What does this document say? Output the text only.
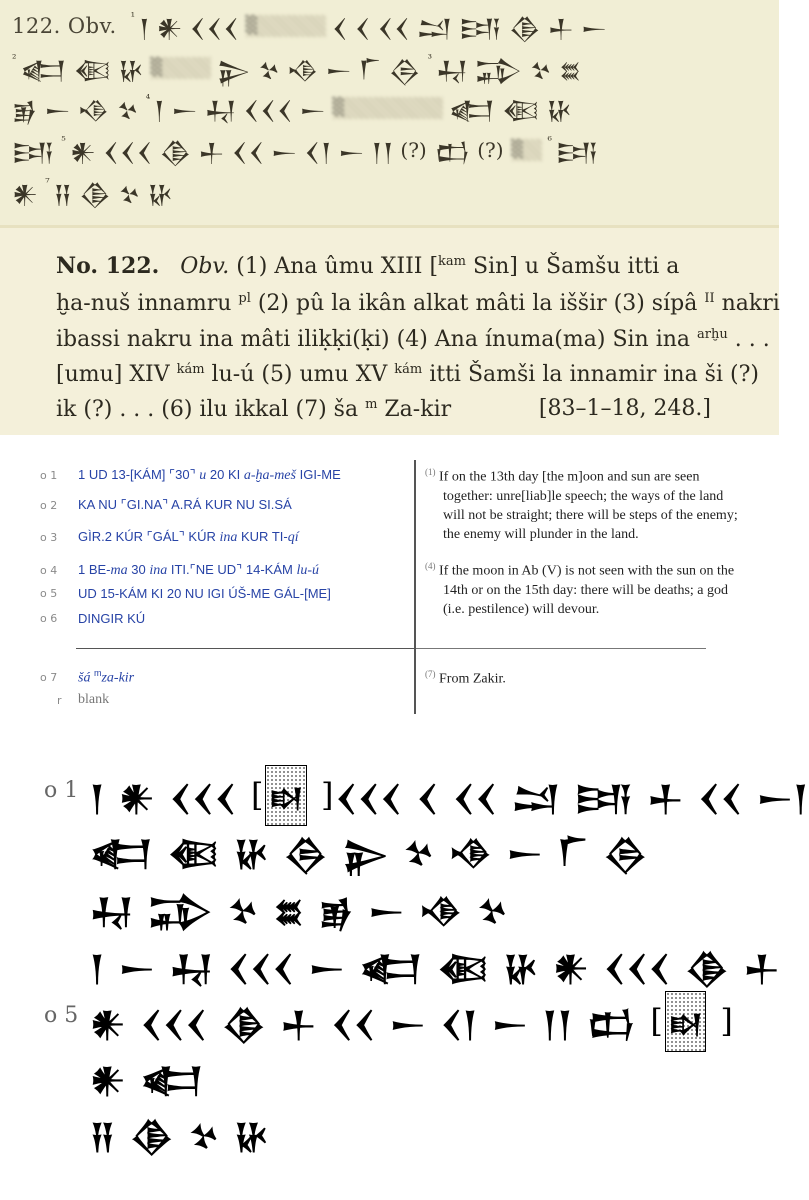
122. Obv. ¹ 𒁹 𒀭 𒌋𒌋𒌋 ░	𒌋 𒌋 𒌋𒌋 𒁺 𒅀 𒆠 𒈦 𒀸
² 𒅗 𒈿 𒄩 ░	𒉌 𒆳 𒈾 𒀸 𒇲 𒁲 ³ 𒄷 𒁉 𒆳 𒊺
𒂊 𒀸 𒈾 𒆳 ⁴ 𒁹 𒀸 𒄷 𒌋𒌋𒌋 𒀸 ░	𒅗 𒈿 𒄩
𒅀 ⁵ 𒀭 𒌋𒌋𒌋 𒆠 𒈦 𒌋𒌋 𒀸 𒌋𒁹 𒀸 𒁹𒁹 (?) 𒆗 (?) ░	⁶ 𒅀
𒀭 ⁷ 𒍝 𒆠 𒆳 𒄩
No. 122. Obv. (1) Ana ûmu XIII [$^{kam}$ Sin] u Šamšu itti a
ḫa-nuš innamru $^{pl}$ (2) pû la ikân alkat mâti la iššir (3) sípâ $^{II}$ nakri
ibassi nakru ina mâti iliḳḳi(ḳi) (4) Ana ínuma(ma) Sin ina $^{arḫu}$ . . .
[umu] XIV $^{kám}$ lu-ú (5) umu XV $^{kám}$ itti Šamši la innamir ina ši (?)
ik (?) . . . (6) ilu ikkal (7) ša $^m$ Za-kir	[83–1–18, 248.]
o 1	1 UD 13-[KÁM] ⌜30⌝ u 20 KI a-ḫa-meš IGI-ME
o 2	KA NU ⌜GI.NA⌝ A.RÁ KUR NU SI.SÁ
o 3	GÌR.2 KÚR ⌜GÁL⌝ KÚR ina KUR TI-qí
o 4	1 BE-ma 30 ina ITI.⌜NE UD⌝ 14-KÁM lu-ú
o 5	UD 15-KÁM KI 20 NU IGI ÚŠ-ME GÁL-[ME]
o 6	DINGIR KÚ
o 7	šá $^m$za-kir
r	blank

$^{(1)}$ If on the 13th day [the m]oon and sun are seen together: unre[liab]le speech; the ways of the land will not be straight; there will be steps of the enemy; the enemy will plunder in the land.

$^{(4)}$ If the moon in Ab (V) is not seen with the sun on the 14th or on the 15th day: there will be deaths; a god (i.e. pestilence) will devour.

$^{(7)}$ From Zakir.

o 1
o 5
𒁹 𒀭 𒌋𒌋𒌋 [ 𒊭 ] 𒌋𒌋𒌋 𒌋 𒌋𒌋 𒁺 𒅀 𒈦 𒌋𒌋 𒀸𒁹
𒅗 𒈿 𒄩 𒁲 𒉌 𒆳 𒈾 𒀸 𒇲 𒁲
𒄷 𒁉 𒆳 𒊺 𒂊 𒀸 𒈾 𒆳
𒁹 𒀸 𒄷 𒌋𒌋𒌋 𒀸 𒅗 𒈿 𒄩 𒀭 𒌋𒌋𒌋 𒆠 𒈦
𒀭 𒌋𒌋𒌋 𒆠 𒈦 𒌋𒌋 𒀸 𒌋𒁹 𒀸 𒁹𒁹 𒆗 [ 𒊭 ]
𒀭 𒅗
𒍝 𒆠 𒆳 𒄩
